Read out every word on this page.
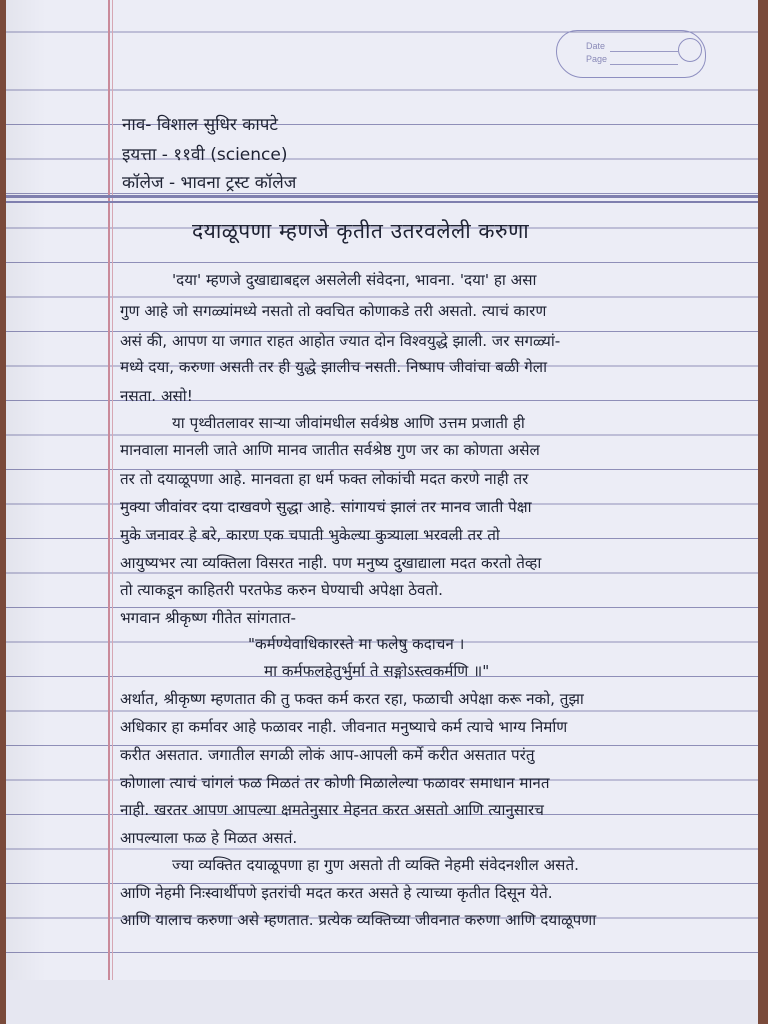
Date
Page
नाव- विशाल सुधिर कापटे
इयत्ता - ११वी (science)
कॉलेज - भावना ट्रस्ट कॉलेज
दयाळूपणा म्हणजे कृतीत उतरवलेली करुणा
'दया' म्हणजे दुखाद्याबद्दल असलेली संवेदना, भावना. 'दया' हा असा
गुण आहे जो सगळ्यांमध्ये नसतो तो क्वचित कोणाकडे तरी असतो. त्याचं कारण
असं की, आपण या जगात राहत आहोत ज्यात दोन विश्वयुद्धे झाली. जर सगळ्यां-
मध्ये दया, करुणा असती तर ही युद्धे झालीच नसती. निष्पाप जीवांचा बळी गेला
नसता. असो!
या पृथ्वीतलावर साऱ्या जीवांमधील सर्वश्रेष्ठ आणि उत्तम प्रजाती ही
मानवाला मानली जाते आणि मानव जातीत सर्वश्रेष्ठ गुण जर का कोणता असेल
तर तो दयाळूपणा आहे. मानवता हा धर्म फक्त लोकांची मदत करणे नाही तर
मुक्या जीवांवर दया दाखवणे सुद्धा आहे. सांगायचं झालं तर मानव जाती पेक्षा
मुके जनावर हे बरे, कारण एक चपाती भुकेल्या कुत्र्याला भरवली तर तो
आयुष्यभर त्या व्यक्तिला विसरत नाही. पण मनुष्य दुखाद्याला मदत करतो तेव्हा
तो त्याकडून काहितरी परतफेड करुन घेण्याची अपेक्षा ठेवतो.
भगवान श्रीकृष्ण गीतेत सांगतात-
"कर्मण्येवाधिकारस्ते मा फलेषु कदाचन ।
मा कर्मफलहेतुर्भुर्मा ते सङ्गोऽस्त्वकर्मणि ॥"
अर्थात, श्रीकृष्ण म्हणतात की तु फक्त कर्म करत रहा, फळाची अपेक्षा करू नको, तुझा
अधिकार हा कर्मावर आहे फळावर नाही. जीवनात मनुष्याचे कर्म त्याचे भाग्य निर्माण
करीत असतात. जगातील सगळी लोकं आप-आपली कर्मे करीत असतात परंतु
कोणाला त्याचं चांगलं फळ मिळतं तर कोणी मिळालेल्या फळावर समाधान मानत
नाही. खरतर आपण आपल्या क्षमतेनुसार मेहनत करत असतो आणि त्यानुसारच
आपल्याला फळ हे मिळत असतं.
ज्या व्यक्तित दयाळूपणा हा गुण असतो ती व्यक्ति नेहमी संवेदनशील असते.
आणि नेहमी निःस्वार्थीपणे इतरांची मदत करत असते हे त्याच्या कृतीत दिसून येते.
आणि यालाच करुणा असे म्हणतात. प्रत्येक व्यक्तिच्या जीवनात करुणा आणि दयाळूपणा
